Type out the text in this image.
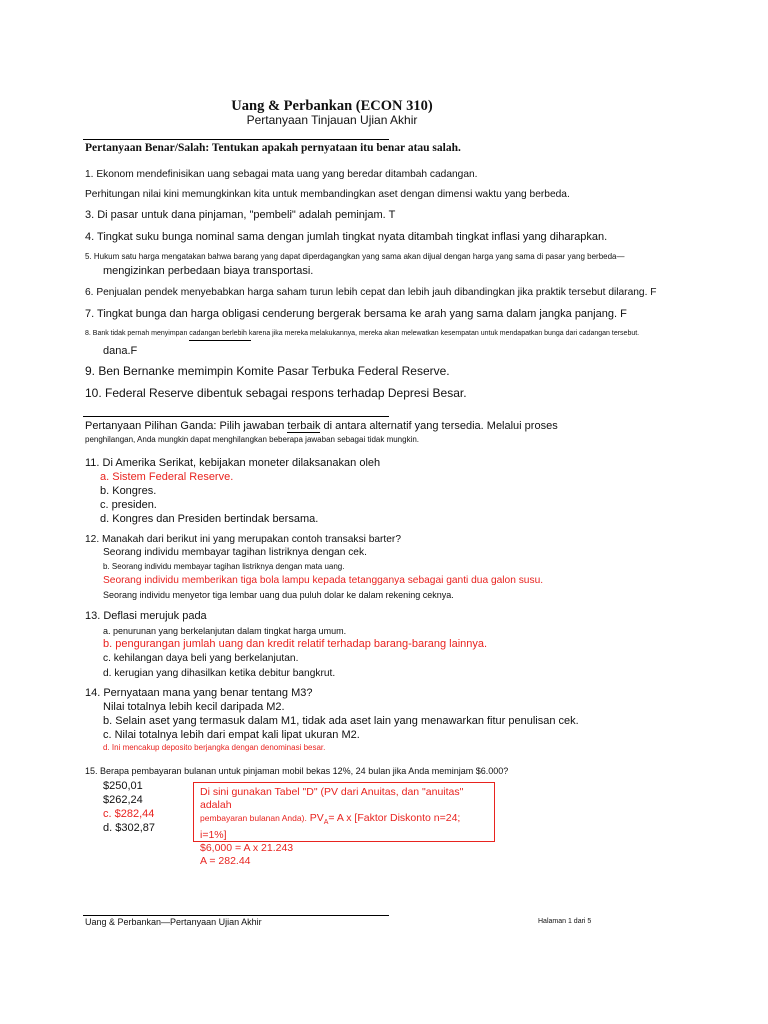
Uang & Perbankan (ECON 310)
Pertanyaan Tinjauan Ujian Akhir
Pertanyaan Benar/Salah: Tentukan apakah pernyataan itu benar atau salah.
1. Ekonom mendefinisikan uang sebagai mata uang yang beredar ditambah cadangan.
Perhitungan nilai kini memungkinkan kita untuk membandingkan aset dengan dimensi waktu yang berbeda.
3. Di pasar untuk dana pinjaman, "pembeli" adalah peminjam. T
4. Tingkat suku bunga nominal sama dengan jumlah tingkat nyata ditambah tingkat inflasi yang diharapkan.
5. Hukum satu harga mengatakan bahwa barang yang dapat diperdagangkan yang sama akan dijual dengan harga yang sama di pasar yang berbeda—
mengizinkan perbedaan biaya transportasi.
6. Penjualan pendek menyebabkan harga saham turun lebih cepat dan lebih jauh dibandingkan jika praktik tersebut dilarang. F
7. Tingkat bunga dan harga obligasi cenderung bergerak bersama ke arah yang sama dalam jangka panjang. F
8. Bank tidak pernah menyimpan cadangan berlebih karena jika mereka melakukannya, mereka akan melewatkan kesempatan untuk mendapatkan bunga dari cadangan tersebut.
dana.F
9. Ben Bernanke memimpin Komite Pasar Terbuka Federal Reserve.
10. Federal Reserve dibentuk sebagai respons terhadap Depresi Besar.
Pertanyaan Pilihan Ganda: Pilih jawaban terbaik di antara alternatif yang tersedia. Melalui proses
penghilangan, Anda mungkin dapat menghilangkan beberapa jawaban sebagai tidak mungkin.
11. Di Amerika Serikat, kebijakan moneter dilaksanakan oleh
a. Sistem Federal Reserve.
b. Kongres.
c. presiden.
d. Kongres dan Presiden bertindak bersama.
12. Manakah dari berikut ini yang merupakan contoh transaksi barter?
Seorang individu membayar tagihan listriknya dengan cek.
b. Seorang individu membayar tagihan listriknya dengan mata uang.
Seorang individu memberikan tiga bola lampu kepada tetangganya sebagai ganti dua galon susu.
Seorang individu menyetor tiga lembar uang dua puluh dolar ke dalam rekening ceknya.
13. Deflasi merujuk pada
a. penurunan yang berkelanjutan dalam tingkat harga umum.
b. pengurangan jumlah uang dan kredit relatif terhadap barang-barang lainnya.
c. kehilangan daya beli yang berkelanjutan.
d. kerugian yang dihasilkan ketika debitur bangkrut.
14. Pernyataan mana yang benar tentang M3?
Nilai totalnya lebih kecil daripada M2.
b. Selain aset yang termasuk dalam M1, tidak ada aset lain yang menawarkan fitur penulisan cek.
c. Nilai totalnya lebih dari empat kali lipat ukuran M2.
d. Ini mencakup deposito berjangka dengan denominasi besar.
15. Berapa pembayaran bulanan untuk pinjaman mobil bekas 12%, 24 bulan jika Anda meminjam $6.000?
$250,01
$262,24
c. $282,44
d. $302,87
Di sini gunakan Tabel "D" (PV dari Anuitas, dan "anuitas" adalah
pembayaran bulanan Anda). $PV_A= A$ x [Faktor Diskonto n=24; i=1%]
$6,000 = A x 21.243
A = 282.44
Uang & Perbankan—Pertanyaan Ujian Akhir	Halaman 1 dari 5
